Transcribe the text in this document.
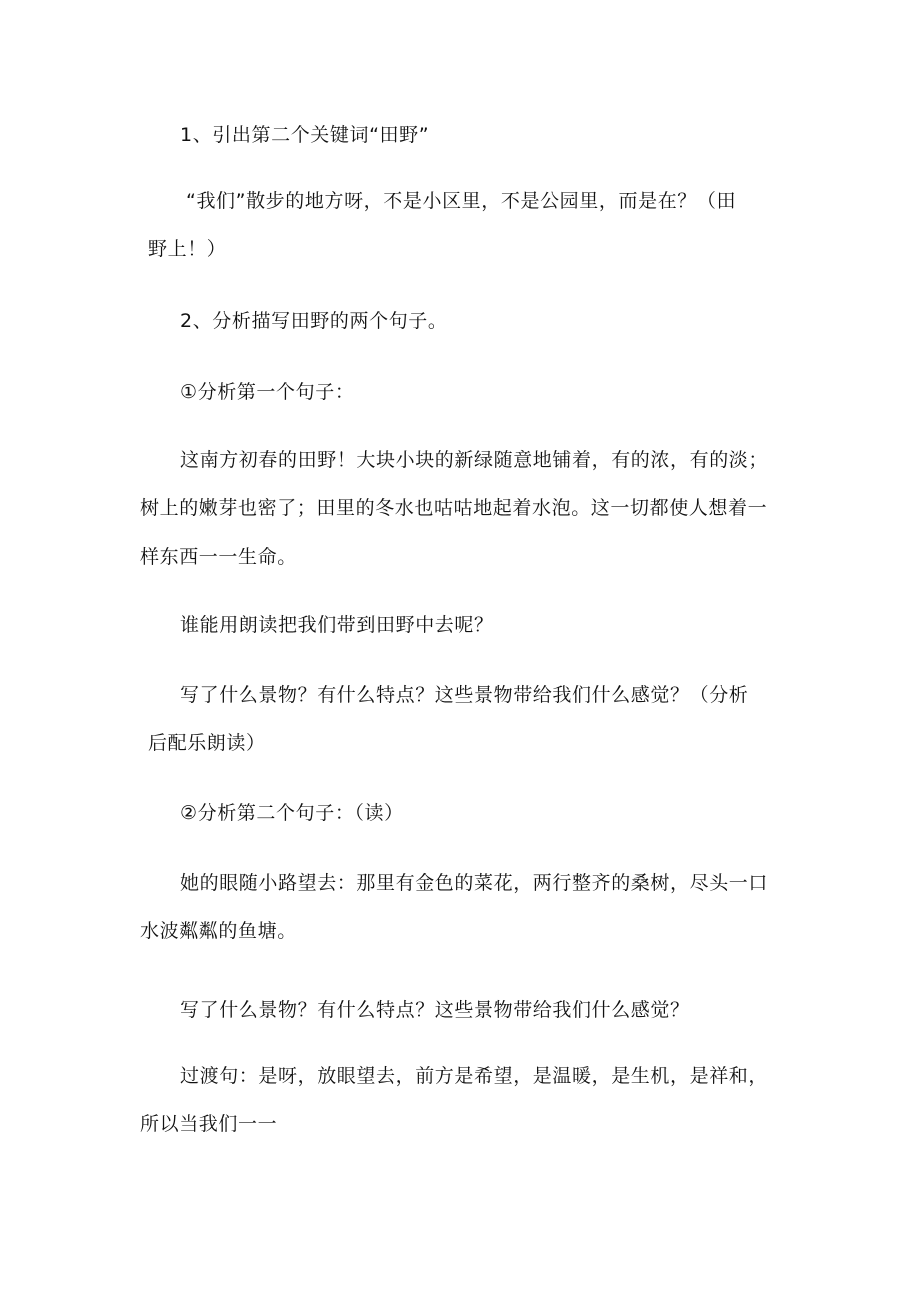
1、引出第二个关键词“田野”
“我们”散步的地方呀，不是小区里，不是公园里，而是在？（田
野上！）
2、分析描写田野的两个句子。
①分析第一个句子：
这南方初春的田野！大块小块的新绿随意地铺着，有的浓，有的淡；
树上的嫩芽也密了；田里的冬水也咕咕地起着水泡。这一切都使人想着一
样东西一一生命。
谁能用朗读把我们带到田野中去呢？
写了什么景物？有什么特点？这些景物带给我们什么感觉？（分析
后配乐朗读）
②分析第二个句子：（读）
她的眼随小路望去：那里有金色的菜花，两行整齐的桑树，尽头一口
水波粼粼的鱼塘。
写了什么景物？有什么特点？这些景物带给我们什么感觉？
过渡句：是呀，放眼望去，前方是希望，是温暖，是生机，是祥和，
所以当我们一一
